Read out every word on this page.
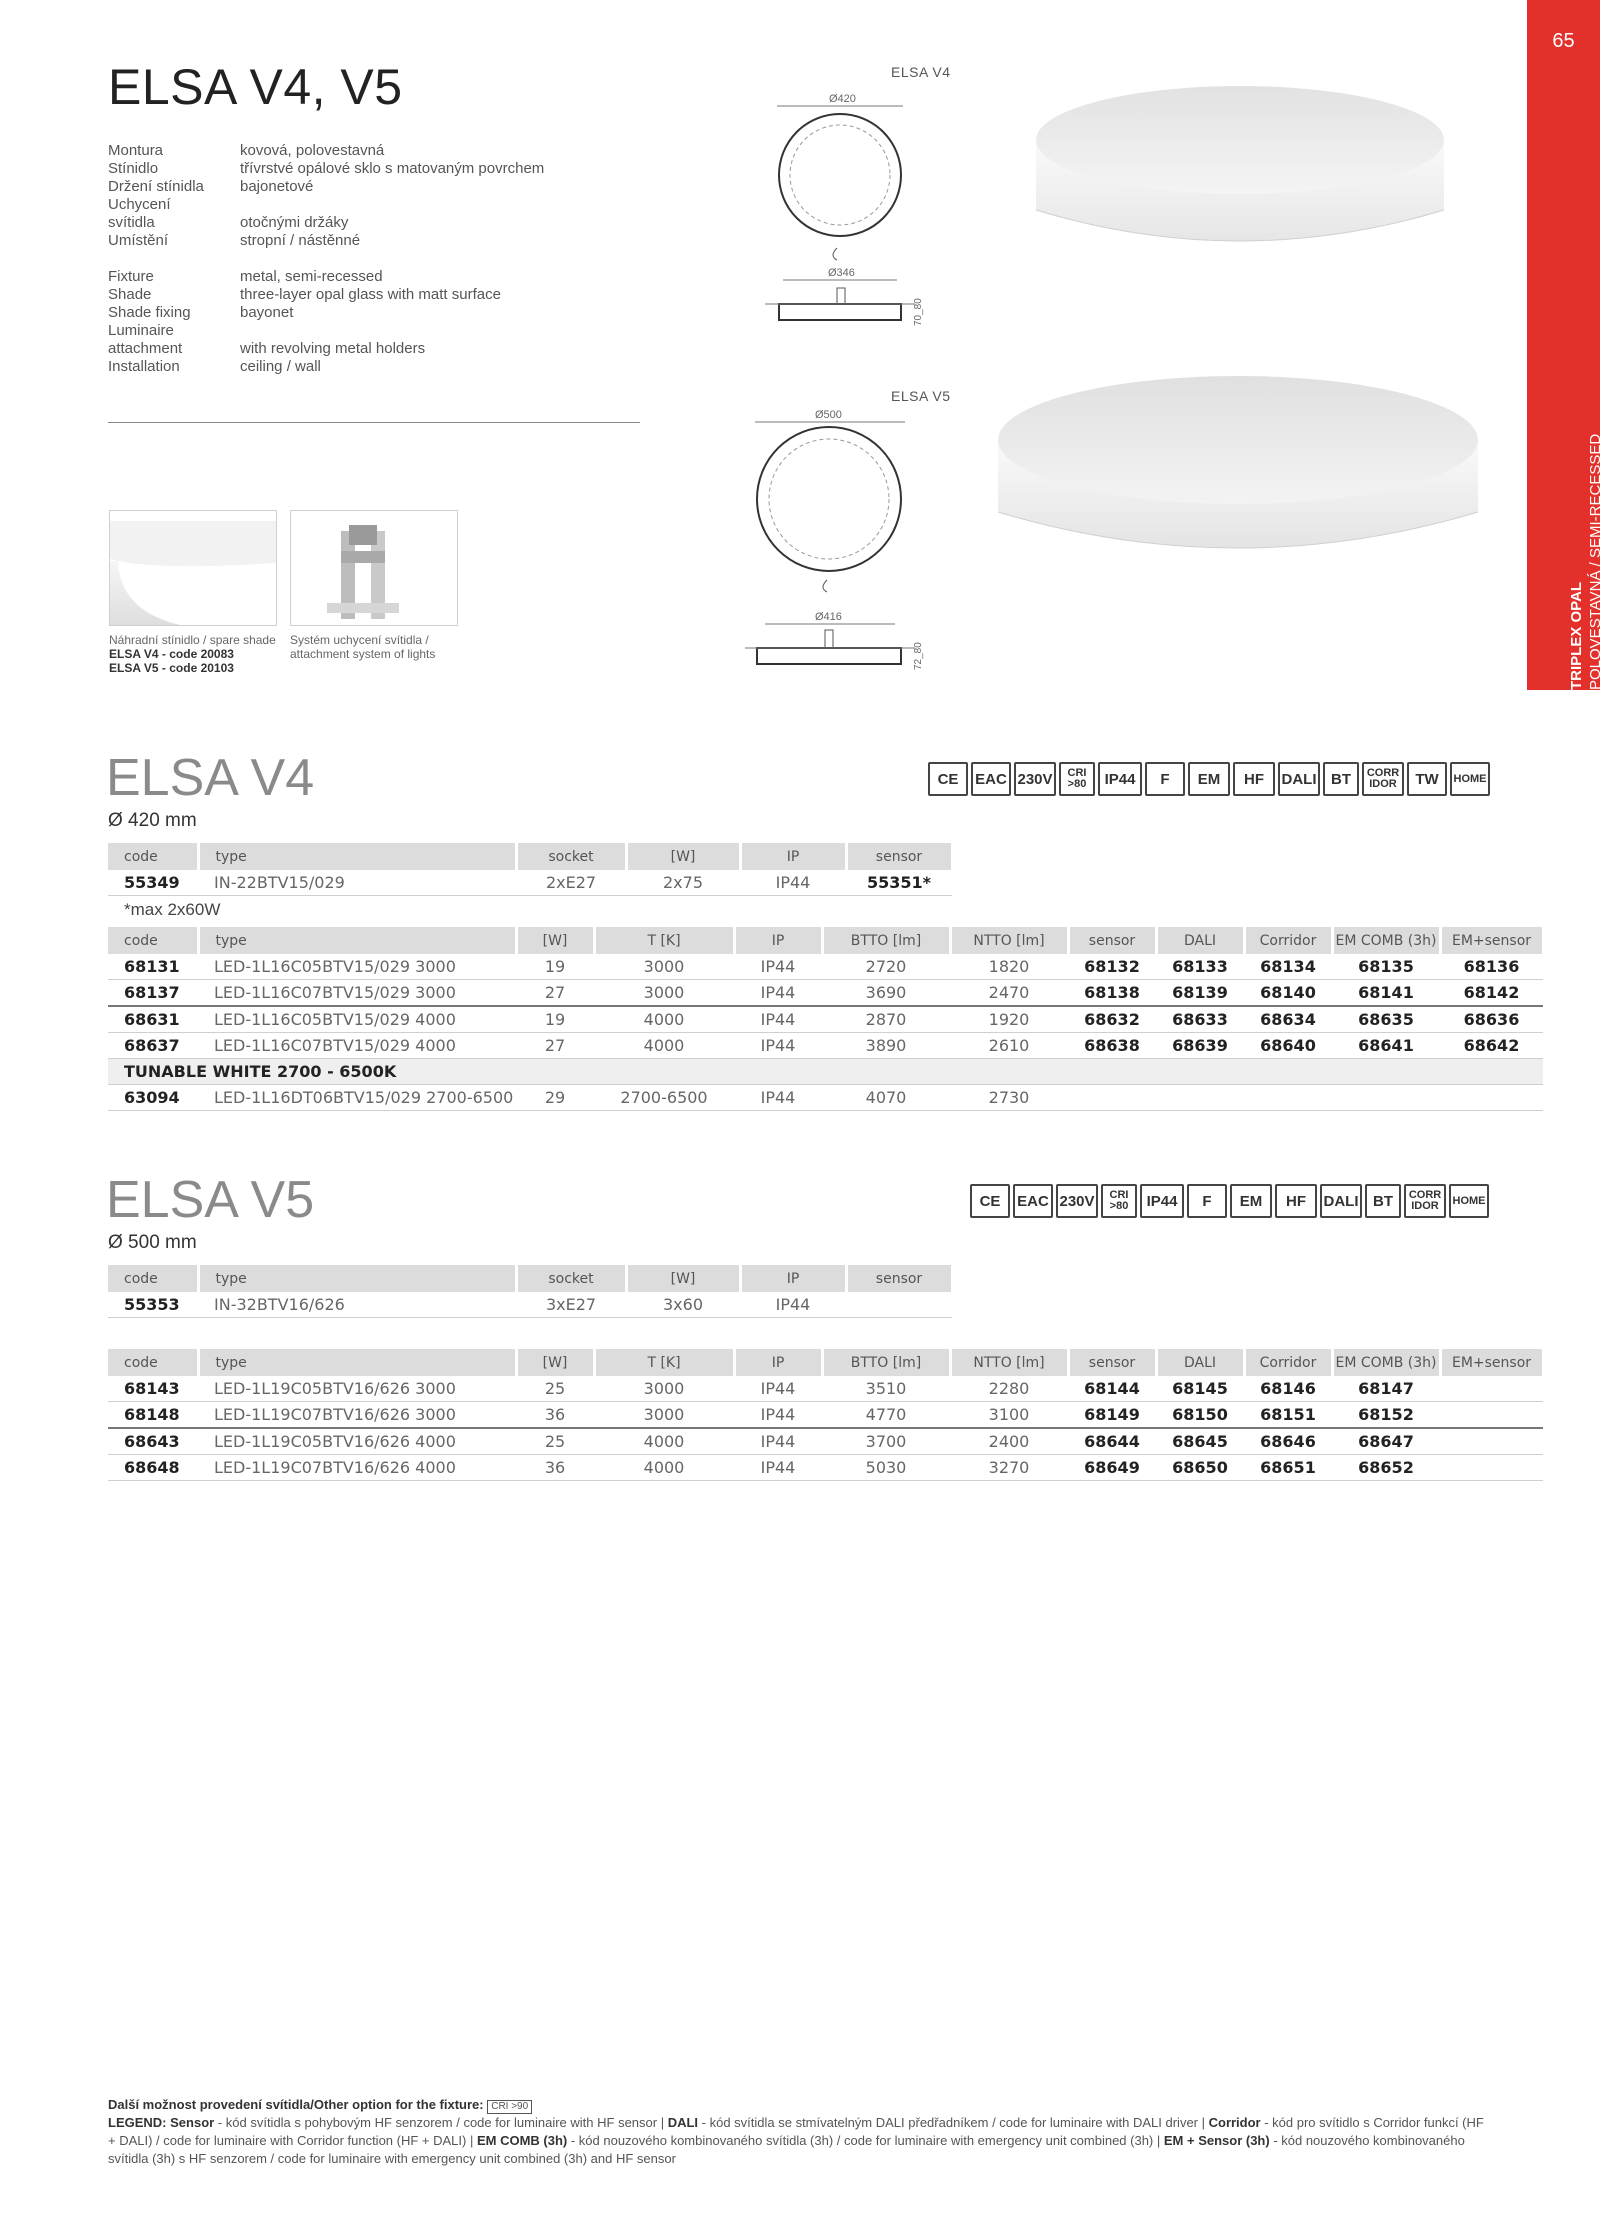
65
TRIPLEX OPAL POLOVESTAVNÁ / SEMI-RECESSED
ELSA V4, V5
Montura	kovová, polovestavná
Stínidlo	třívrstvé opálové sklo s matovaným povrchem
Držení stínidla	bajonetové
Uchycení
svítidla	otočnými držáky
Umístění	stropní / nástěnné
Fixture	metal, semi-recessed
Shade	three-layer opal glass with matt surface
Shade fixing	bayonet
Luminaire
attachment	with revolving metal holders
Installation	ceiling / wall
Náhradní stínidlo / spare shade
ELSA V4 - code 20083
ELSA V5 - code 20103
Systém uchycení svítidla /
attachment system of lights
ELSA V4
Ø420
Ø346
70_80
ELSA V5
Ø500
Ø416
72_80
ELSA V4
Ø 420 mm
CE	EAC 230V	CRI >80	IP44	F	EM	HF	DALI BT	CORR IDOR	TW	HOME
code	type	socket	[W]	IP	sensor
55349	IN-22BTV15/029	2xE27	2x75	IP44	55351*
*max 2x60W
code	type	[W]	T [K]	IP	BTTO [lm]	NTTO [lm]	sensor	DALI	Corridor	EM COMB (3h)	EM+sensor
68131	LED-1L16C05BTV15/029 3000	19	3000	IP44	2720	1820	68132	68133	68134	68135	68136
68137	LED-1L16C07BTV15/029 3000	27	3000	IP44	3690	2470	68138	68139	68140	68141	68142
68631	LED-1L16C05BTV15/029 4000	19	4000	IP44	2870	1920	68632	68633	68634	68635	68636
68637	LED-1L16C07BTV15/029 4000	27	4000	IP44	3890	2610	68638	68639	68640	68641	68642
TUNABLE WHITE 2700 - 6500K											
63094	LED-1L16DT06BTV15/029 2700-6500	29	2700-6500	IP44	4070	2730					
ELSA V5
Ø 500 mm
CE	EAC 230V	CRI >80	IP44	F	EM	HF	DALI BT	CORR IDOR	HOME
code	type	socket	[W]	IP	sensor
55353	IN-32BTV16/626	3xE27	3x60	IP44	
code	type	[W]	T [K]	IP	BTTO [lm]	NTTO [lm]	sensor	DALI	Corridor	EM COMB (3h)	EM+sensor
68143	LED-1L19C05BTV16/626 3000	25	3000	IP44	3510	2280	68144	68145	68146	68147	
68148	LED-1L19C07BTV16/626 3000	36	3000	IP44	4770	3100	68149	68150	68151	68152	
68643	LED-1L19C05BTV16/626 4000	25	4000	IP44	3700	2400	68644	68645	68646	68647	
68648	LED-1L19C07BTV16/626 4000	36	4000	IP44	5030	3270	68649	68650	68651	68652	
Další možnost provedení svítidla/Other option for the fixture: CRI >90
LEGEND: Sensor - kód svítidla s pohybovým HF senzorem / code for luminaire with HF sensor | DALI - kód svítidla se stmívatelným DALI předřadníkem / code for luminaire with DALI driver | Corridor - kód pro svítidlo s Corridor funkcí (HF + DALI) / code for luminaire with Corridor function (HF + DALI) | EM COMB (3h) - kód nouzového kombinovaného svítidla (3h) / code for luminaire with emergency unit combined (3h) | EM + Sensor (3h) - kód nouzového kombinovaného svítidla (3h) s HF senzorem / code for luminaire with emergency unit combined (3h) and HF sensor
